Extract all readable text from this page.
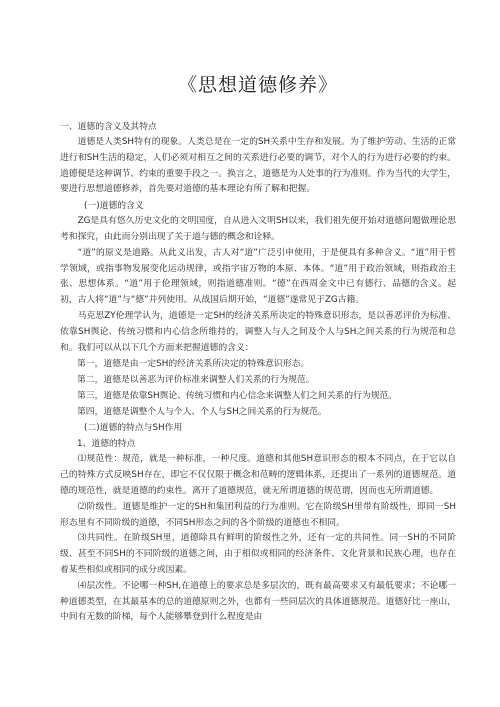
《思想道德修养》

一、道德的含义及其特点

道德是人类SH特有的现象。人类总是在一定的SH关系中生存和发展。为了维护劳动、生活的正常进行和SH生活的稳定，人们必须对相互之间的关系进行必要的调节，对个人的行为进行必要的约束。道德便是这种调节、约束的重要手段之一。换言之，道德是为人处事的行为准则。作为当代的大学生，要进行思想道德修养，首先要对道德的基本理论有所了解和把握。

(一)道德的含义

ZG是具有悠久历史文化的文明国度，自从进入文明SH以来，我们祖先便开始对道德问题做理论思考和探究，由此而分别出现了关于道与德的概念和诠释。

“道”的原义是道路。从此义出发，古人对“道”广泛引申使用，于是便具有多种含义。“道”用于哲学领域，或指事物发展变化运动规律，或指宇宙万物的本原、本体。“道”用于政治领域，则指政治主张、思想体系。“道”用于伦理领域，则指道德准则。“德”在西周金文中已有德行、品德的含义。起初，古人将“道”与“德”并列使用。从战国后期开始，“道德”遂常见于ZG古籍。

马克思ZY伦理学认为，道德是一定SH的经济关系所决定的特殊意识形态，是以善恶评价为标准、依靠SH舆论、传统习惯和内心信念所维持的，调整人与人之间及个人与SH之间关系的行为规范和总和。我们可以从以下几个方面来把握道德的含义：

第一，道德是由一定SH的经济关系所决定的特殊意识形态。

第二，道德是以善恶为评价标准来调整人们关系的行为规范。

第三，道德是依靠SH舆论、传统习惯和内心信念来调整人们之间关系的行为规范。

第四，道德是调整个人与个人、个人与SH之间关系的行为规范。

(二)道德的特点与SH作用

1、道德的特点

⑴规范性：规范，就是一种标准，一种尺度。道德和其他SH意识形态的根本不同点，在于它以自己的特殊方式反映SH存在，即它不仅仅限于概念和范畴的逻辑体系，还提出了一系列的道德规范。道德的规范性，就是道德的约束性。离开了道德规范，就无所谓道德的规范谓，因而也无所谓道德。

⑵阶级性。道德是维护一定的SH和集团利益的行为准则。它在阶级SH里带有阶级性，即同一SH形态里有不同阶级的道德，不同SH形态之间的各个阶级的道德也不相同。

⑶共同性。在阶级SH里，道德除具有鲜明的阶级性之外，还有一定的共同性。同一SH的不同阶级、甚至不同SH的不同阶级的道德之间，由于相似或相同的经济条件、文化背景和民族心理，也存在着某些相似或相同的成分或因素。

⑷层次性。不论哪一种SH,在道德上的要求总是多层次的，既有最高要求又有最低要求；不论哪一种道德类型，在其最基本的总的道德原则之外，也都有一些同层次的具体道德规范。道德好比一座山，中间有无数的阶梯，每个人能够攀登到什么程度是由
